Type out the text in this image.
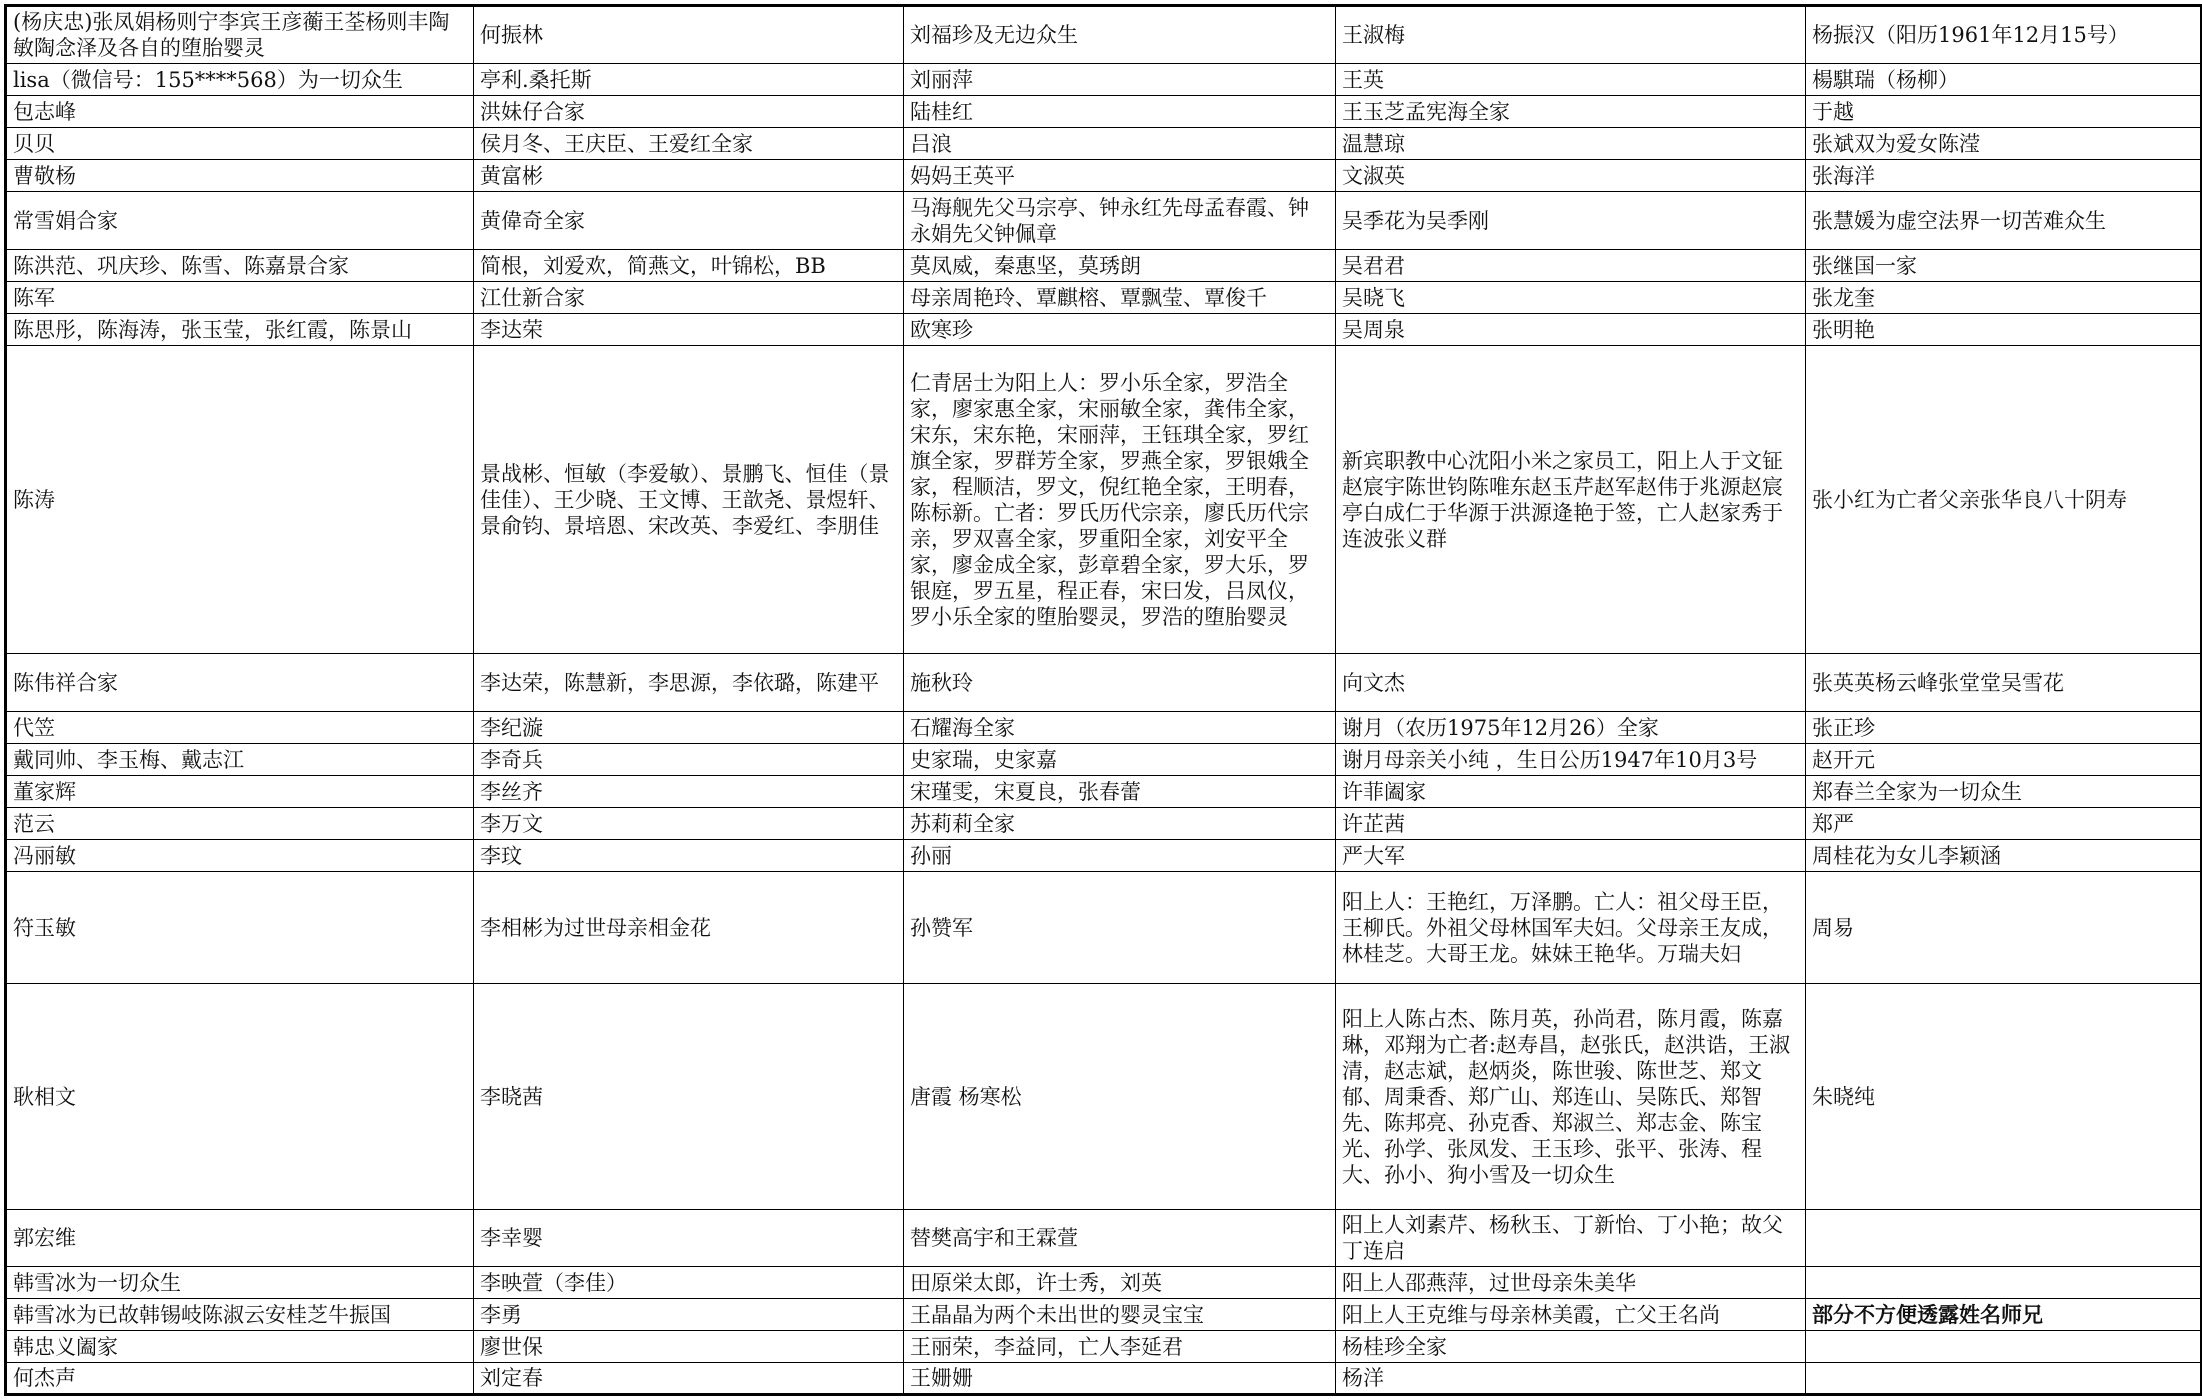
(杨庆忠)张凤娟杨则宁李宾王彦蘅王荃杨则丰陶敏陶念泽及各自的堕胎婴灵	何振林	刘福珍及无边众生	王淑梅	杨振汉（阳历1961年12月15号）
lisa（微信号：155****568）为一切众生	亭利.桑托斯	刘丽萍	王英	楊騏瑞（杨柳）
包志峰	洪妹仔合家	陆桂红	王玉芝孟宪海全家	于越
贝贝	侯月冬、王庆臣、王爱红全家	吕浪	温慧琼	张斌双为爱女陈滢
曹敬杨	黄富彬	妈妈王英平	文淑英	张海洋
常雪娟合家	黄偉奇全家	马海舰先父马宗亭、钟永红先母孟春霞、钟永娟先父钟佩章	吴季花为吴季刚	张慧媛为虚空法界一切苦难众生
陈洪范、巩庆珍、陈雪、陈嘉景合家	简根，刘爱欢，简燕文，叶锦松，BB	莫凤威，秦惠坚，莫琇朗	吴君君	张继国一家
陈军	江仕新合家	母亲周艳玲、覃麒榕、覃飘莹、覃俊千	吴晓飞	张龙奎
陈思彤，陈海涛，张玉莹，张红霞，陈景山	李达荣	欧寒珍	吴周泉	张明艳
陈涛	景战彬、恒敏（李爱敏）、景鹏飞、恒佳（景佳佳）、王少晓、王文博、王歆尧、景煜轩、景俞钧、景培恩、宋改英、李爱红、李朋佳	仁青居士为阳上人：罗小乐全家，罗浩全家，廖家惠全家，宋丽敏全家，龚伟全家，宋东，宋东艳，宋丽萍，王钰琪全家，罗红旗全家，罗群芳全家，罗燕全家，罗银娥全家，程顺洁，罗文，倪红艳全家，王明春，陈标新。亡者：罗氏历代宗亲，廖氏历代宗亲，罗双喜全家，罗重阳全家，刘安平全家，廖金成全家，彭章碧全家，罗大乐，罗银庭，罗五星，程正春，宋曰发，吕凤仪，罗小乐全家的堕胎婴灵，罗浩的堕胎婴灵	新宾职教中心沈阳小米之家员工，阳上人于文钲赵宸宇陈世钧陈唯东赵玉芹赵军赵伟于兆源赵宸亭白成仁于华源于洪源逄艳于签，亡人赵家秀于连波张义群	张小红为亡者父亲张华良八十阴寿
陈伟祥合家	李达荣，陈慧新，李思源，李依璐，陈建平	施秋玲	向文杰	张英英杨云峰张堂堂吴雪花
代笠	李纪漩	石耀海全家	谢月（农历1975年12月26）全家	张正珍
戴同帅、李玉梅、戴志江	李奇兵	史家瑞，史家嘉	谢月母亲关小纯 ，生日公历1947年10月3号	赵开元
董家辉	李丝齐	宋瑾雯，宋夏良，张春蕾	许菲阖家	郑春兰全家为一切众生
范云	李万文	苏莉莉全家	许芷茜	郑严
冯丽敏	李玟	孙丽	严大军	周桂花为女儿李颖涵
符玉敏	李相彬为过世母亲相金花	孙赞军	阳上人：王艳红，万泽鹏。亡人：祖父母王臣，王柳氏。外祖父母林国军夫妇。父母亲王友成，林桂芝。大哥王龙。妹妹王艳华。万瑞夫妇	周易
耿相文	李晓茜	唐霞 杨寒松	阳上人陈占杰、陈月英，孙尚君，陈月霞，陈嘉琳，邓翔为亡者:赵寿昌，赵张氏，赵洪诰，王淑清，赵志斌，赵炳炎，陈世骏、陈世芝、郑文郁、周秉香、郑广山、郑连山、吴陈氏、郑智先、陈邦亮、孙克香、郑淑兰、郑志金、陈宝光、孙学、张凤发、王玉珍、张平、张涛、程大、孙小、狗小雪及一切众生	朱晓纯
郭宏维	李幸婴	替樊高宇和王霖萱	阳上人刘素芹、杨秋玉、丁新怡、丁小艳；故父丁连启	
韩雪冰为一切众生	李映萱（李佳）	田原栄太郎，许士秀，刘英	阳上人邵燕萍，过世母亲朱美华	
韩雪冰为已故韩锡岐陈淑云安桂芝牛振国	李勇	王晶晶为两个未出世的婴灵宝宝	阳上人王克维与母亲林美霞，亡父王名尚	部分不方便透露姓名师兄
韩忠义阖家	廖世保	王丽荣，李益同，亡人李延君	杨桂珍全家	
何杰声	刘定春	王姗姗	杨洋	
